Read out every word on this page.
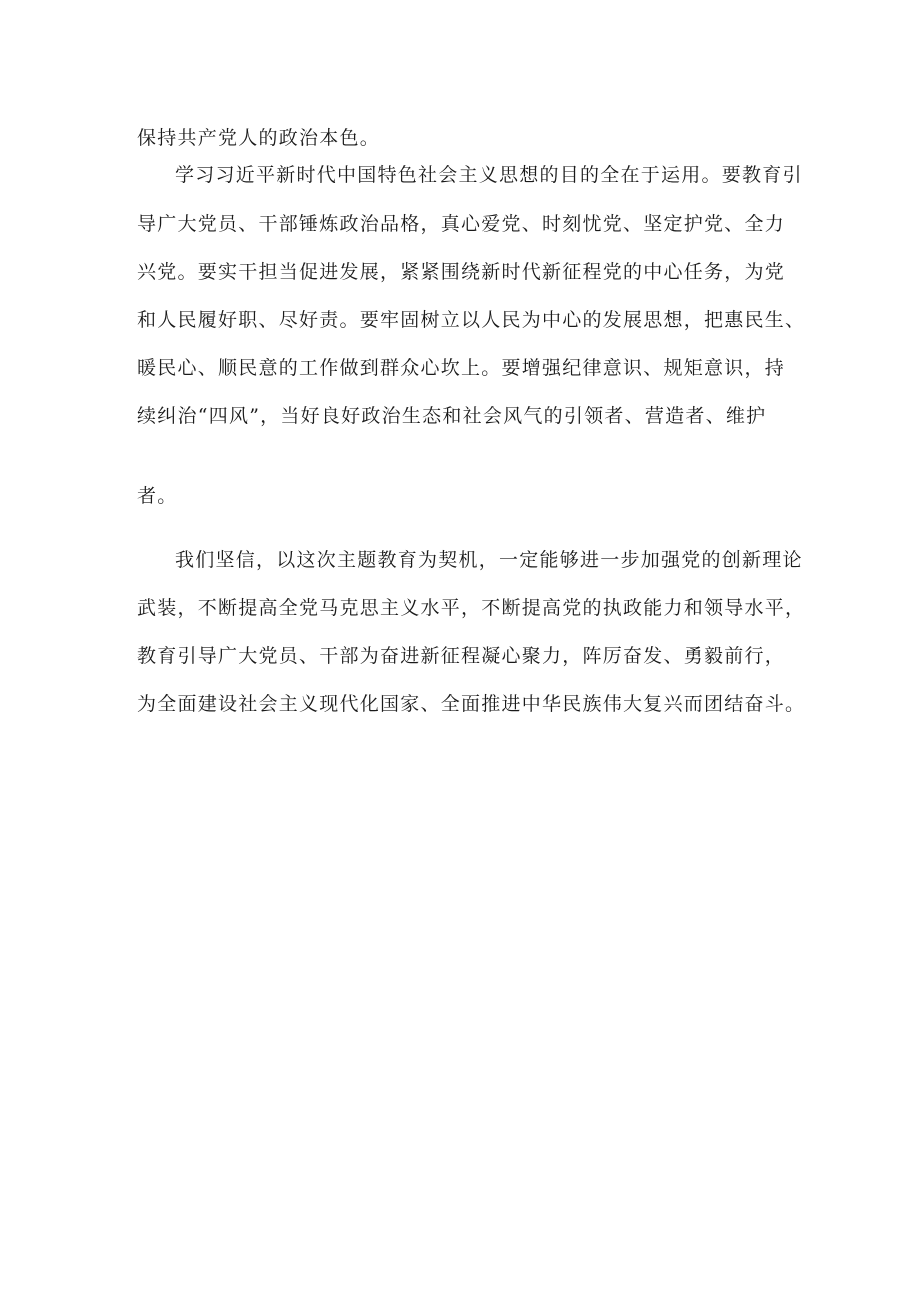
保持共产党人的政治本色。
学习习近平新时代中国特色社会主义思想的目的全在于运用。要教育引
导广大党员、干部锤炼政治品格，真心爱党、时刻忧党、坚定护党、全力
兴党。要实干担当促进发展，紧紧围绕新时代新征程党的中心任务，为党
和人民履好职、尽好责。要牢固树立以人民为中心的发展思想，把惠民生、
暖民心、顺民意的工作做到群众心坎上。要增强纪律意识、规矩意识，持
续纠治“四风”，当好良好政治生态和社会风气的引领者、营造者、维护
者。
我们坚信，以这次主题教育为契机，一定能够进一步加强党的创新理论
武装，不断提高全党马克思主义水平，不断提高党的执政能力和领导水平，
教育引导广大党员、干部为奋进新征程凝心聚力，阵厉奋发、勇毅前行，
为全面建设社会主义现代化国家、全面推进中华民族伟大复兴而团结奋斗。
